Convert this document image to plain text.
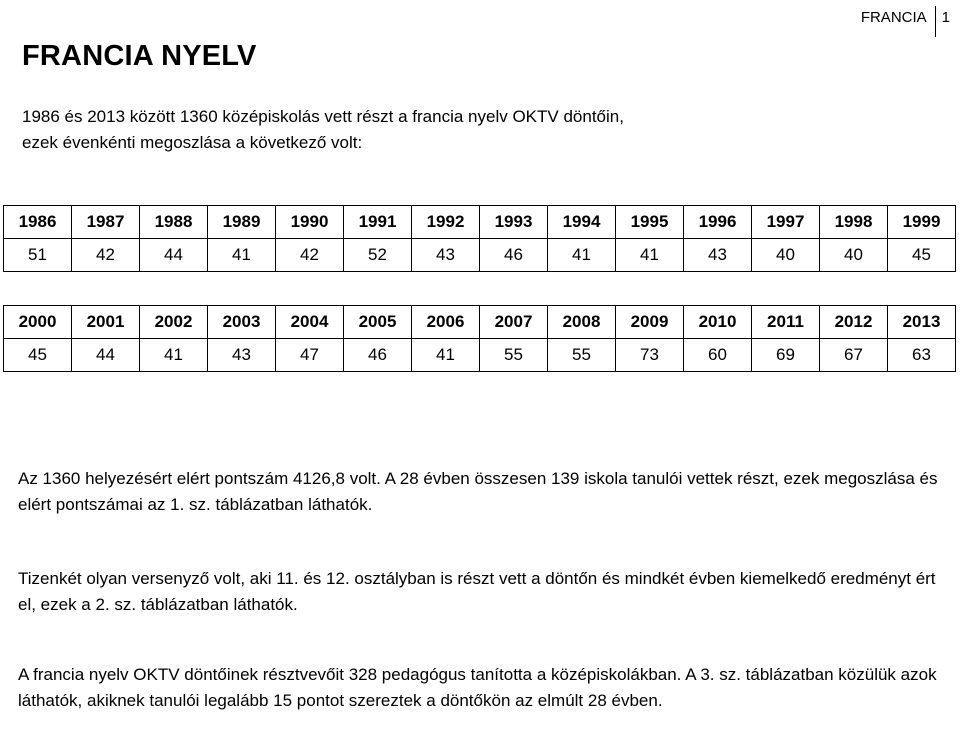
FRANCIA	1
FRANCIA NYELV
1986 és 2013 között 1360 középiskolás vett részt a francia nyelv OKTV döntőin,
ezek évenkénti megoszlása a következő volt:
1986	1987	1988	1989	1990	1991	1992	1993	1994	1995	1996	1997	1998	1999
51	42	44	41	42	52	43	46	41	41	43	40	40	45
2000	2001	2002	2003	2004	2005	2006	2007	2008	2009	2010	2011	2012	2013
45	44	41	43	47	46	41	55	55	73	60	69	67	63

Az 1360 helyezésért elért pontszám 4126,8 volt. A 28 évben összesen 139 iskola tanulói vettek részt, ezek megoszlása és elért pontszámai az 1. sz. táblázatban láthatók.

Tizenkét olyan versenyző volt, aki 11. és 12. osztályban is részt vett a döntőn és mindkét évben kiemelkedő eredményt ért el, ezek a 2. sz. táblázatban láthatók.

A francia nyelv OKTV döntőinek résztvevőit 328 pedagógus tanította a középiskolákban. A 3. sz. táblázatban közülük azok láthatók, akiknek tanulói legalább 15 pontot szereztek a döntőkön az elmúlt 28 évben.
